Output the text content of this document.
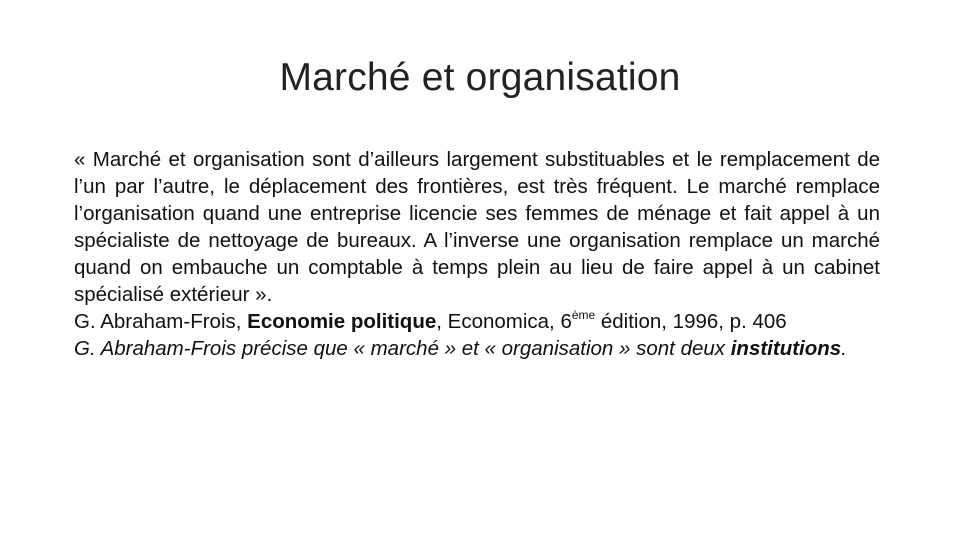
Marché et organisation

« Marché et organisation sont d’ailleurs largement substituables et le remplacement de l’un par l’autre, le déplacement des frontières, est très fréquent. Le marché remplace l’organisation quand une entreprise licencie ses femmes de ménage et fait appel à un spécialiste de nettoyage de bureaux. A l’inverse une organisation remplace un marché quand on embauche un comptable à temps plein au lieu de faire appel à un cabinet spécialisé extérieur ».

G. Abraham-Frois, Economie politique, Economica, 6ème édition, 1996, p. 406

G. Abraham-Frois précise que « marché » et « organisation » sont deux institutions.
